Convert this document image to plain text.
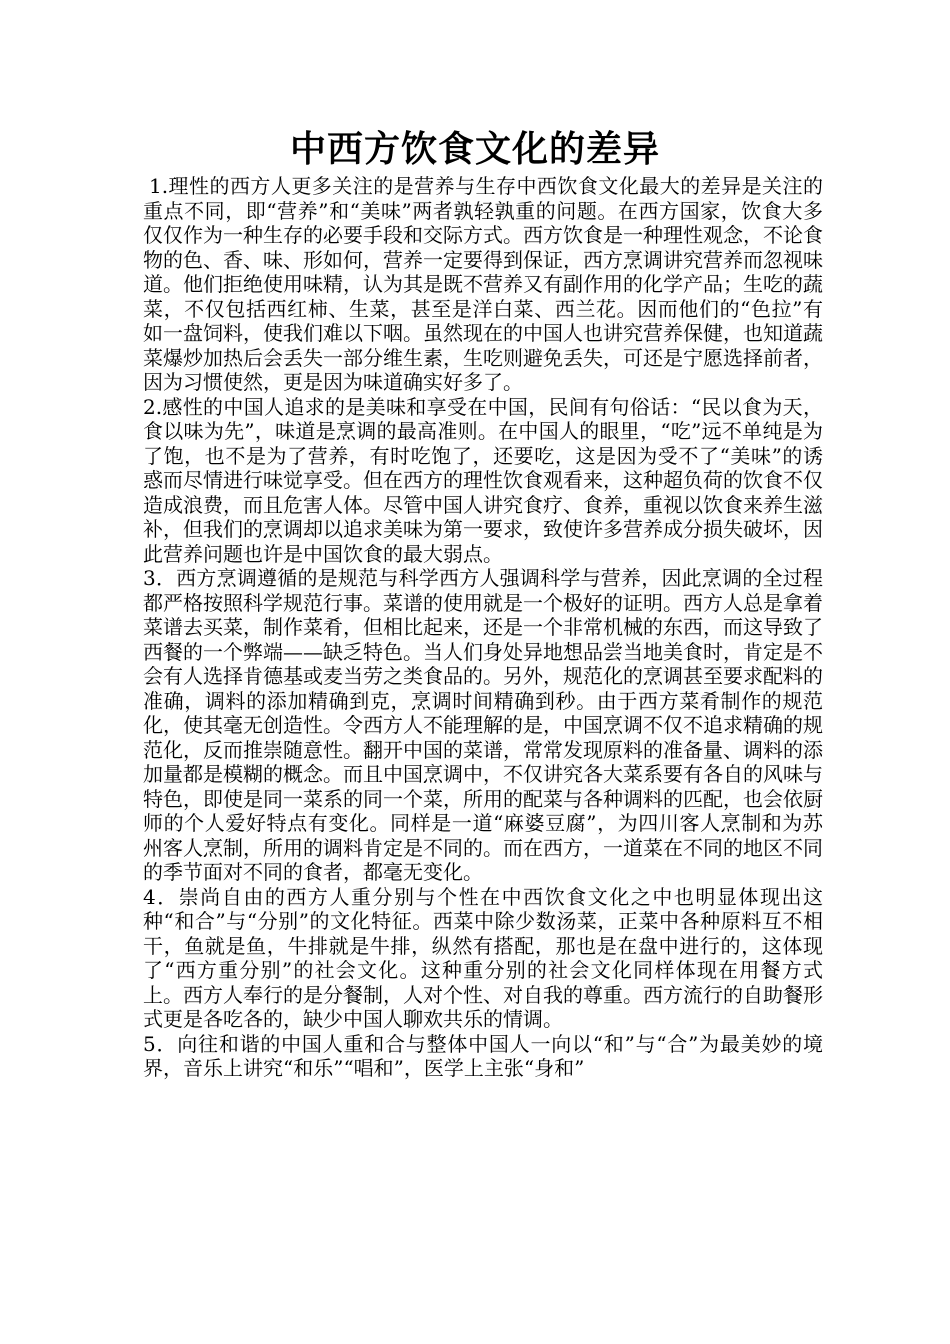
中西方饮食文化的差异

1.理性的西方人更多关注的是营养与生存中西饮食文化最大的差异是关注的重点不同，即“营养”和“美味”两者孰轻孰重的问题。在西方国家，饮食大多仅仅作为一种生存的必要手段和交际方式。西方饮食是一种理性观念，不论食物的色、香、味、形如何，营养一定要得到保证，西方烹调讲究营养而忽视味道。他们拒绝使用味精，认为其是既不营养又有副作用的化学产品；生吃的蔬菜，不仅包括西红柿、生菜，甚至是洋白菜、西兰花。因而他们的“色拉”有如一盘饲料，使我们难以下咽。虽然现在的中国人也讲究营养保健，也知道蔬菜爆炒加热后会丢失一部分维生素，生吃则避免丢失，可还是宁愿选择前者，因为习惯使然，更是因为味道确实好多了。

2.感性的中国人追求的是美味和享受在中国，民间有句俗话：“民以食为天，食以味为先”，味道是烹调的最高准则。在中国人的眼里，“吃”远不单纯是为了饱，也不是为了营养，有时吃饱了，还要吃，这是因为受不了“美味”的诱惑而尽情进行味觉享受。但在西方的理性饮食观看来，这种超负荷的饮食不仅造成浪费，而且危害人体。尽管中国人讲究食疗、食养，重视以饮食来养生滋补，但我们的烹调却以追求美味为第一要求，致使许多营养成分损失破坏，因此营养问题也许是中国饮食的最大弱点。

3．西方烹调遵循的是规范与科学西方人强调科学与营养，因此烹调的全过程都严格按照科学规范行事。菜谱的使用就是一个极好的证明。西方人总是拿着菜谱去买菜，制作菜肴，但相比起来，还是一个非常机械的东西，而这导致了西餐的一个弊端——缺乏特色。当人们身处异地想品尝当地美食时，肯定是不会有人选择肯德基或麦当劳之类食品的。另外，规范化的烹调甚至要求配料的准确，调料的添加精确到克，烹调时间精确到秒。由于西方菜肴制作的规范化，使其毫无创造性。令西方人不能理解的是，中国烹调不仅不追求精确的规范化，反而推崇随意性。翻开中国的菜谱，常常发现原料的准备量、调料的添加量都是模糊的概念。而且中国烹调中，不仅讲究各大菜系要有各自的风味与特色，即使是同一菜系的同一个菜，所用的配菜与各种调料的匹配，也会依厨师的个人爱好特点有变化。同样是一道“麻婆豆腐”，为四川客人烹制和为苏州客人烹制，所用的调料肯定是不同的。而在西方，一道菜在不同的地区不同的季节面对不同的食者，都毫无变化。

4．崇尚自由的西方人重分别与个性在中西饮食文化之中也明显体现出这种“和合”与“分别”的文化特征。西菜中除少数汤菜，正菜中各种原料互不相干，鱼就是鱼，牛排就是牛排，纵然有搭配，那也是在盘中进行的，这体现了“西方重分别”的社会文化。这种重分别的社会文化同样体现在用餐方式上。西方人奉行的是分餐制，人对个性、对自我的尊重。西方流行的自助餐形式更是各吃各的，缺少中国人聊欢共乐的情调。

5．向往和谐的中国人重和合与整体中国人一向以“和”与“合”为最美妙的境界，音乐上讲究“和乐”“唱和”，医学上主张“身和”
